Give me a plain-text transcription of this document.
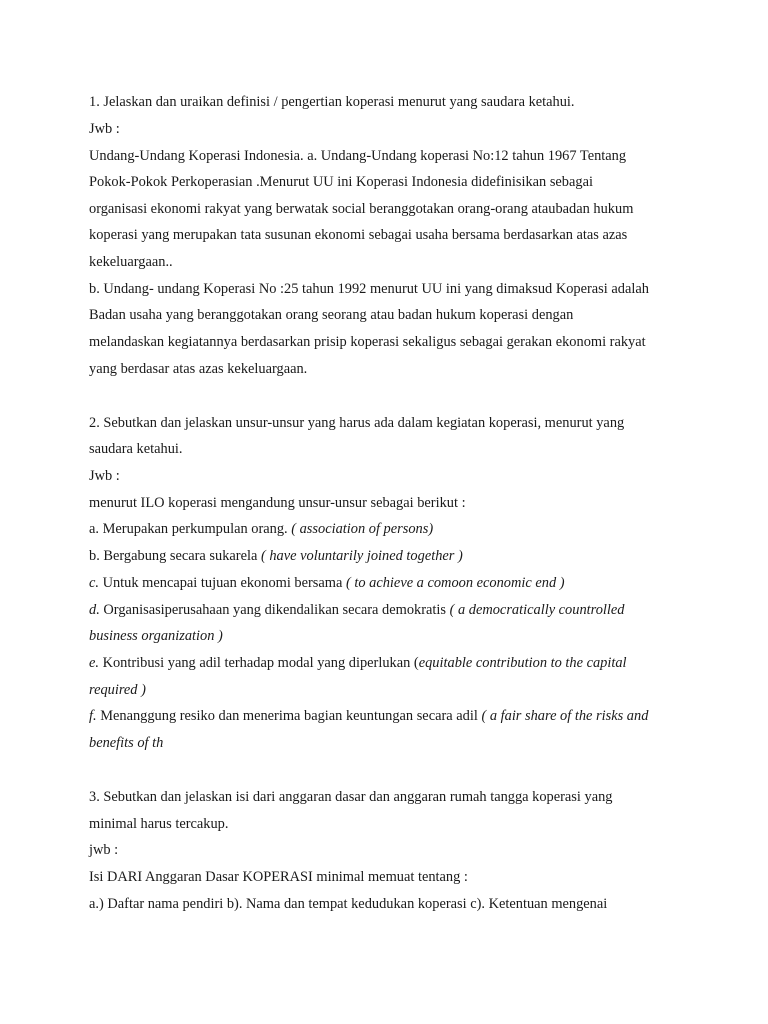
1. Jelaskan dan uraikan definisi / pengertian koperasi menurut yang saudara ketahui.
Jwb :
Undang-Undang Koperasi Indonesia. a. Undang-Undang koperasi No:12 tahun 1967 Tentang
Pokok-Pokok Perkoperasian .Menurut UU ini Koperasi Indonesia didefinisikan sebagai
organisasi ekonomi rakyat yang berwatak social beranggotakan orang-orang ataubadan hukum
koperasi yang merupakan tata susunan ekonomi sebagai usaha bersama berdasarkan atas azas
kekeluargaan..
b. Undang- undang Koperasi No :25 tahun 1992 menurut UU ini yang dimaksud Koperasi adalah
Badan usaha yang beranggotakan orang seorang atau badan hukum koperasi dengan
melandaskan kegiatannya berdasarkan prisip koperasi sekaligus sebagai gerakan ekonomi rakyat
yang berdasar atas azas kekeluargaan.
2. Sebutkan dan jelaskan unsur-unsur yang harus ada dalam kegiatan koperasi, menurut yang
saudara ketahui.
Jwb :
menurut ILO koperasi mengandung unsur-unsur sebagai berikut :
a. Merupakan perkumpulan orang. ( association of persons)
b. Bergabung secara sukarela ( have voluntarily joined together )
c. Untuk mencapai tujuan ekonomi bersama ( to achieve a comoon economic end )
d. Organisasiperusahaan yang dikendalikan secara demokratis ( a democratically countrolled
business organization )
e. Kontribusi yang adil terhadap modal yang diperlukan (equitable contribution to the capital
required )
f. Menanggung resiko dan menerima bagian keuntungan secara adil ( a fair share of the risks and
benefits of th
3. Sebutkan dan jelaskan isi dari anggaran dasar dan anggaran rumah tangga koperasi yang
minimal harus tercakup.
jwb :
Isi DARI Anggaran Dasar KOPERASI minimal memuat tentang :
a.) Daftar nama pendiri b). Nama dan tempat kedudukan koperasi c). Ketentuan mengenai
